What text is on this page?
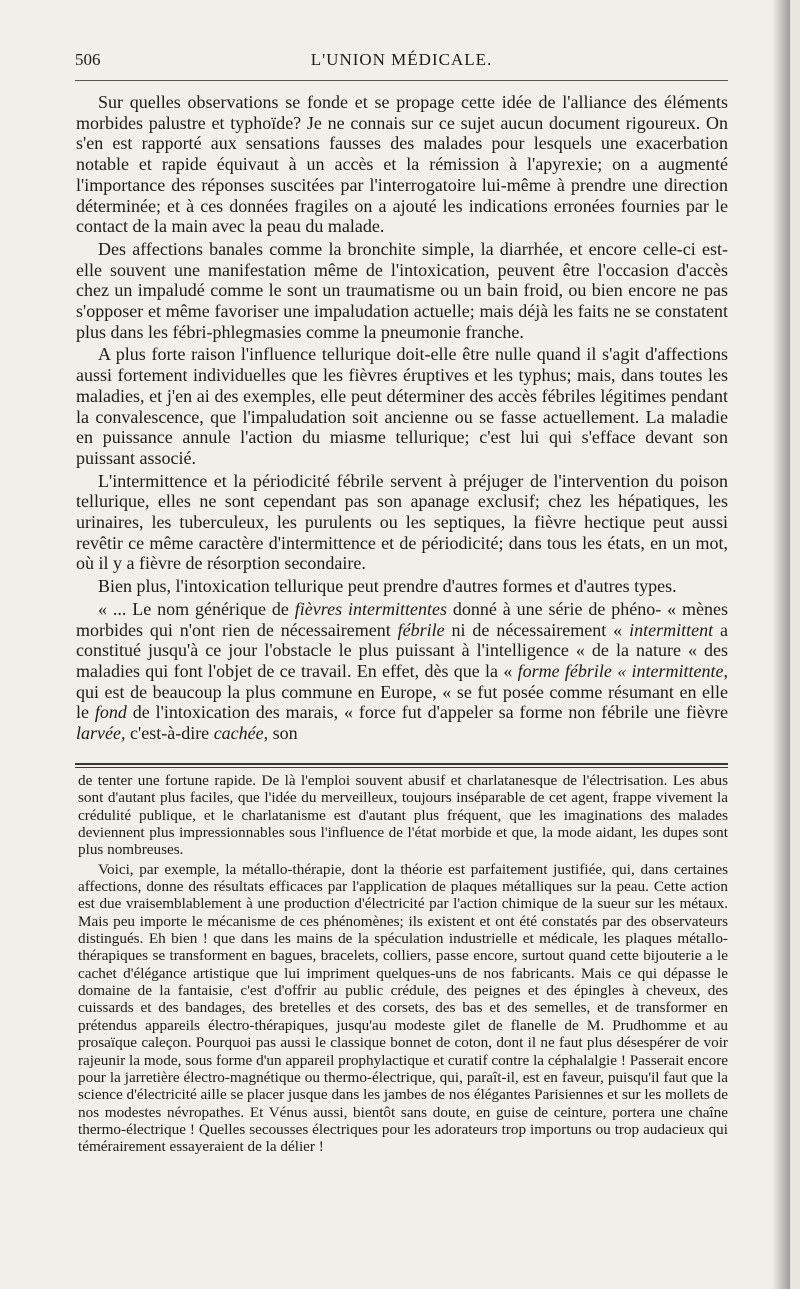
506	L'UNION MÉDICALE.

Sur quelles observations se fonde et se propage cette idée de l'alliance des éléments morbides palustre et typhoïde? Je ne connais sur ce sujet aucun document rigoureux. On s'en est rapporté aux sensations fausses des malades pour lesquels une exacerbation notable et rapide équivaut à un accès et la rémission à l'apyrexie; on a augmenté l'importance des réponses suscitées par l'interrogatoire lui-même à prendre une direction déterminée; et à ces données fragiles on a ajouté les indications erronées fournies par le contact de la main avec la peau du malade.

Des affections banales comme la bronchite simple, la diarrhée, et encore celle-ci est-elle souvent une manifestation même de l'intoxication, peuvent être l'occasion d'accès chez un impaludé comme le sont un traumatisme ou un bain froid, ou bien encore ne pas s'opposer et même favoriser une impaludation actuelle; mais déjà les faits ne se constatent plus dans les fébri-phlegmasies comme la pneumonie franche.

A plus forte raison l'influence tellurique doit-elle être nulle quand il s'agit d'affections aussi fortement individuelles que les fièvres éruptives et les typhus; mais, dans toutes les maladies, et j'en ai des exemples, elle peut déterminer des accès fébriles légitimes pendant la convalescence, que l'impaludation soit ancienne ou se fasse actuellement. La maladie en puissance annule l'action du miasme tellurique; c'est lui qui s'efface devant son puissant associé.

L'intermittence et la périodicité fébrile servent à préjuger de l'intervention du poison tellurique, elles ne sont cependant pas son apanage exclusif; chez les hépatiques, les urinaires, les tuberculeux, les purulents ou les septiques, la fièvre hectique peut aussi revêtir ce même caractère d'intermittence et de périodicité; dans tous les états, en un mot, où il y a fièvre de résorption secondaire.

Bien plus, l'intoxication tellurique peut prendre d'autres formes et d'autres types.

« ... Le nom générique de fièvres intermittentes donné à une série de phéno- « mènes morbides qui n'ont rien de nécessairement fébrile ni de nécessairement « intermittent a constitué jusqu'à ce jour l'obstacle le plus puissant à l'intelligence « de la nature « des maladies qui font l'objet de ce travail. En effet, dès que la « forme fébrile « intermittente, qui est de beaucoup la plus commune en Europe, « se fut posée comme résumant en elle le fond de l'intoxication des marais, « force fut d'appeler sa forme non fébrile une fièvre larvée, c'est-à-dire cachée, son

de tenter une fortune rapide. De là l'emploi souvent abusif et charlatanesque de l'électrisation. Les abus sont d'autant plus faciles, que l'idée du merveilleux, toujours inséparable de cet agent, frappe vivement la crédulité publique, et le charlatanisme est d'autant plus fréquent, que les imaginations des malades deviennent plus impressionnables sous l'influence de l'état morbide et que, la mode aidant, les dupes sont plus nombreuses.

Voici, par exemple, la métallo-thérapie, dont la théorie est parfaitement justifiée, qui, dans certaines affections, donne des résultats efficaces par l'application de plaques métalliques sur la peau. Cette action est due vraisemblablement à une production d'électricité par l'action chimique de la sueur sur les métaux. Mais peu importe le mécanisme de ces phénomènes; ils existent et ont été constatés par des observateurs distingués. Eh bien ! que dans les mains de la spéculation industrielle et médicale, les plaques métallo-thérapiques se transforment en bagues, bracelets, colliers, passe encore, surtout quand cette bijouterie a le cachet d'élégance artistique que lui impriment quelques-uns de nos fabricants. Mais ce qui dépasse le domaine de la fantaisie, c'est d'offrir au public crédule, des peignes et des épingles à cheveux, des cuissards et des bandages, des bretelles et des corsets, des bas et des semelles, et de transformer en prétendus appareils électro-thérapiques, jusqu'au modeste gilet de flanelle de M. Prudhomme et au prosaïque caleçon. Pourquoi pas aussi le classique bonnet de coton, dont il ne faut plus désespérer de voir rajeunir la mode, sous forme d'un appareil prophylactique et curatif contre la céphalalgie ! Passerait encore pour la jarretière électro-magnétique ou thermo-électrique, qui, paraît-il, est en faveur, puisqu'il faut que la science d'électricité aille se placer jusque dans les jambes de nos élégantes Parisiennes et sur les mollets de nos modestes névropathes. Et Vénus aussi, bientôt sans doute, en guise de ceinture, portera une chaîne thermo-électrique ! Quelles secousses électriques pour les adorateurs trop importuns ou trop audacieux qui témérairement essayeraient de la délier !
